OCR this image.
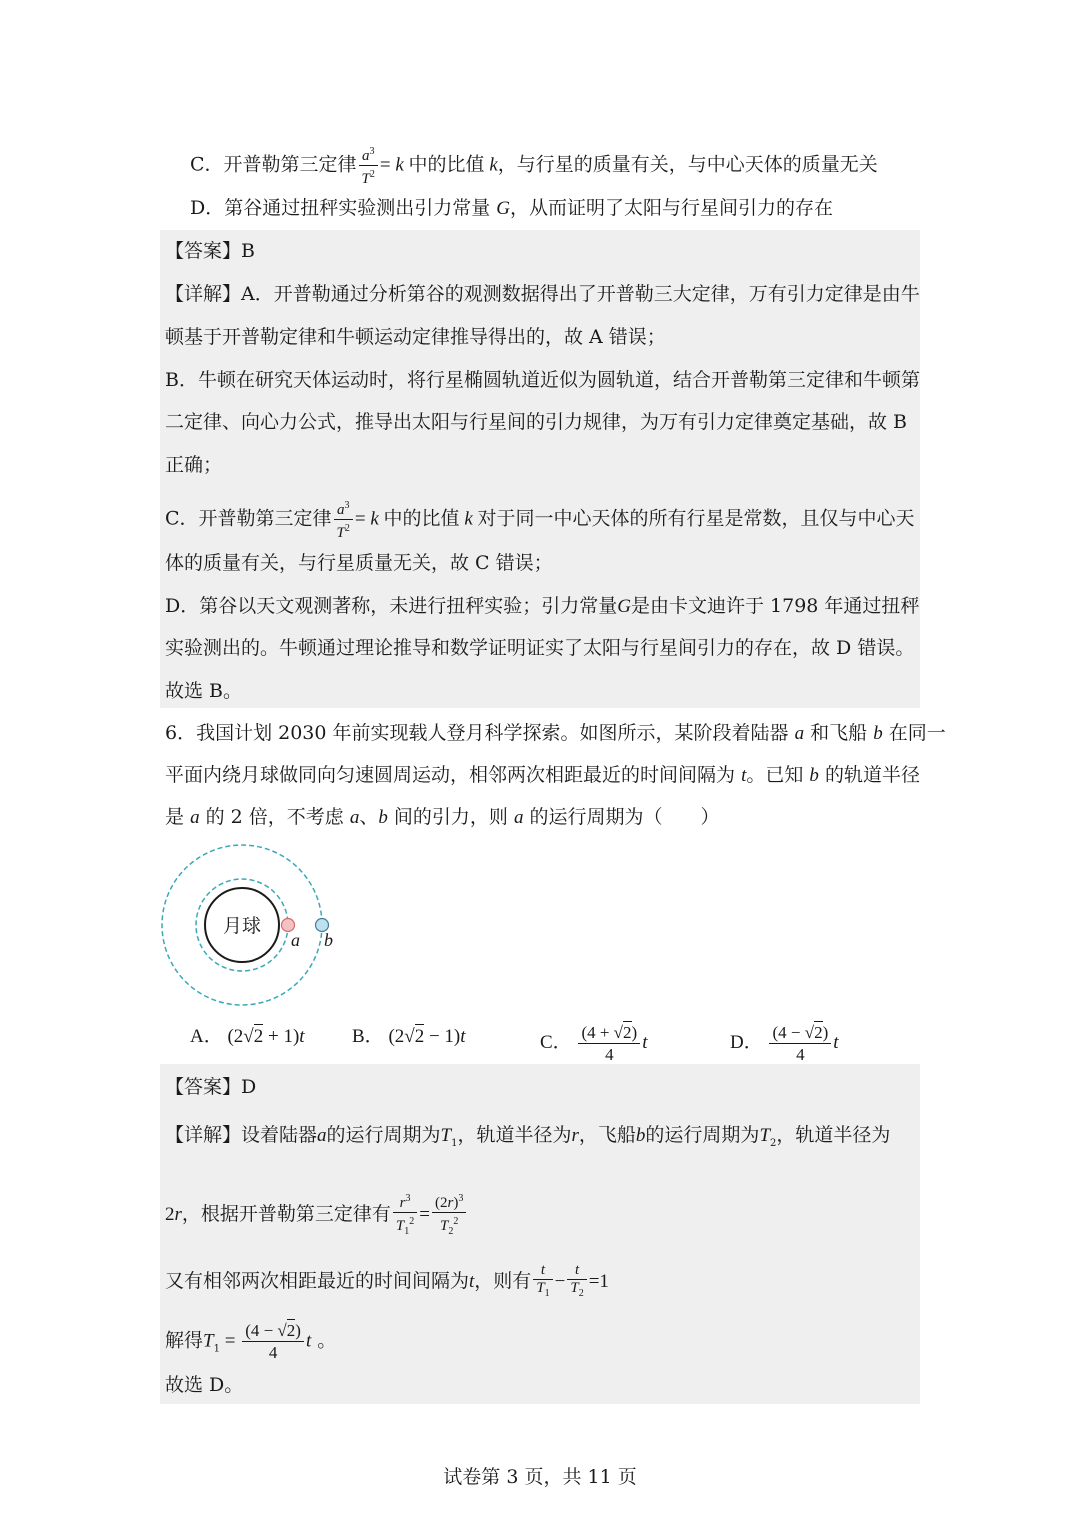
C．开普勒第三定律 $\frac{a^3}{T^2} = k$ 中的比值 k，与行星的质量有关，与中心天体的质量无关
D．第谷通过扭秤实验测出引力常量 G，从而证明了太阳与行星间引力的存在
【答案】B
【详解】A．开普勒通过分析第谷的观测数据得出了开普勒三大定律，万有引力定律是由牛
顿基于开普勒定律和牛顿运动定律推导得出的，故 A 错误；
B．牛顿在研究天体运动时，将行星椭圆轨道近似为圆轨道，结合开普勒第三定律和牛顿第
二定律、向心力公式，推导出太阳与行星间的引力规律，为万有引力定律奠定基础，故 B
正确；
C．开普勒第三定律 $\frac{a^3}{T^2} = k$ 中的比值 k 对于同一中心天体的所有行星是常数，且仅与中心天
体的质量有关，与行星质量无关，故 C 错误；
D．第谷以天文观测著称，未进行扭秤实验；引力常量G是由卡文迪许于 1798 年通过扭秤
实验测出的。牛顿通过理论推导和数学证明证实了太阳与行星间引力的存在，故 D 错误。
故选 B。
6．我国计划 2030 年前实现载人登月科学探索。如图所示，某阶段着陆器 a 和飞船 b 在同一
平面内绕月球做同向匀速圆周运动，相邻两次相距最近的时间间隔为 t。已知 b 的轨道半径
是 a 的 2 倍，不考虑 a、b 间的引力，则 a 的运行周期为（　　）
月球
a b
A． (2√2 + 1)t B． (2√2 − 1)t	C． $\frac{(4 + √2)}{4}$ t	D． $\frac{(4 - √2)}{4}$ t
【答案】D
【详解】设着陆器a的运行周期为$T_1$，轨道半径为r，飞船b的运行周期为$T_2$，轨道半径为
2r，根据开普勒第三定律有 $\frac{r^3}{T_1^2} = \frac{(2r)^3}{T_2^2}$
又有相邻两次相距最近的时间间隔为t，则有 $\frac{t}{T_1} - \frac{t}{T_2} =1$
解得$T_1 = \frac{(4 - √2)}{4}$ t 。
故选 D。
试卷第 3 页，共 11 页
